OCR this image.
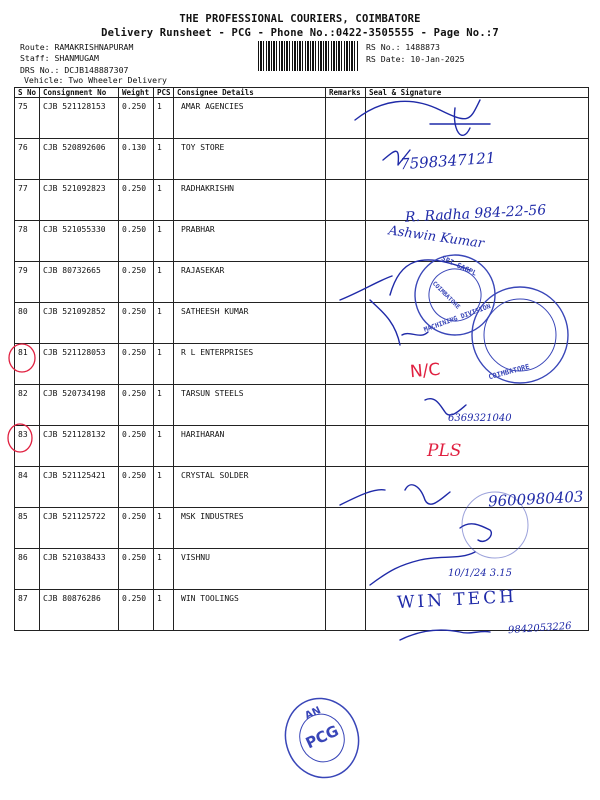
THE PROFESSIONAL COURIERS, COIMBATORE
Delivery Runsheet - PCG - Phone No.:0422-3505555 - Page No.:7
Route: RAMAKRISHNAPURAM
Staff: SHANMUGAM
DRS No.: DCJB148887307
Vehicle: Two Wheeler Delivery
RS No.: 1488873
RS Date: 10-Jan-2025
S No	Consignment No	Weight	PCS	Consignee Details	Remarks	Seal & Signature

75	CJB 521128153	0.250	1	AMAR AGENCIES		

76	CJB 520892606	0.130	1	TOY STORE		

77	CJB 521092823	0.250	1	RADHAKRISHN		

78	CJB 521055330	0.250	1	PRABHAR		

79	CJB 80732665	0.250	1	RAJASEKAR		

80	CJB 521092852	0.250	1	SATHEESH KUMAR		

81	CJB 521128053	0.250	1	R L ENTERPRISES		

82	CJB 520734198	0.250	1	TARSUN STEELS		

83	CJB 521128132	0.250	1	HARIHARAN		

84	CJB 521125421	0.250	1	CRYSTAL SOLDER		

85	CJB 521125722	0.250	1	MSK INDUSTRES		

86	CJB 521038433	0.250	1	VISHNU		

87	CJB 80876286	0.250	1	WIN TOOLINGS		

7598347121
R. Radha 984-22-56
Ashwin Kumar
N/C
6369321040
PLS
9600980403
10/1/24 3.15
WIN TECH
9842053226
SRI SAGPL
COIMBATORE
MACHINING DIVISION
COIMBATORE
AN
PCG
